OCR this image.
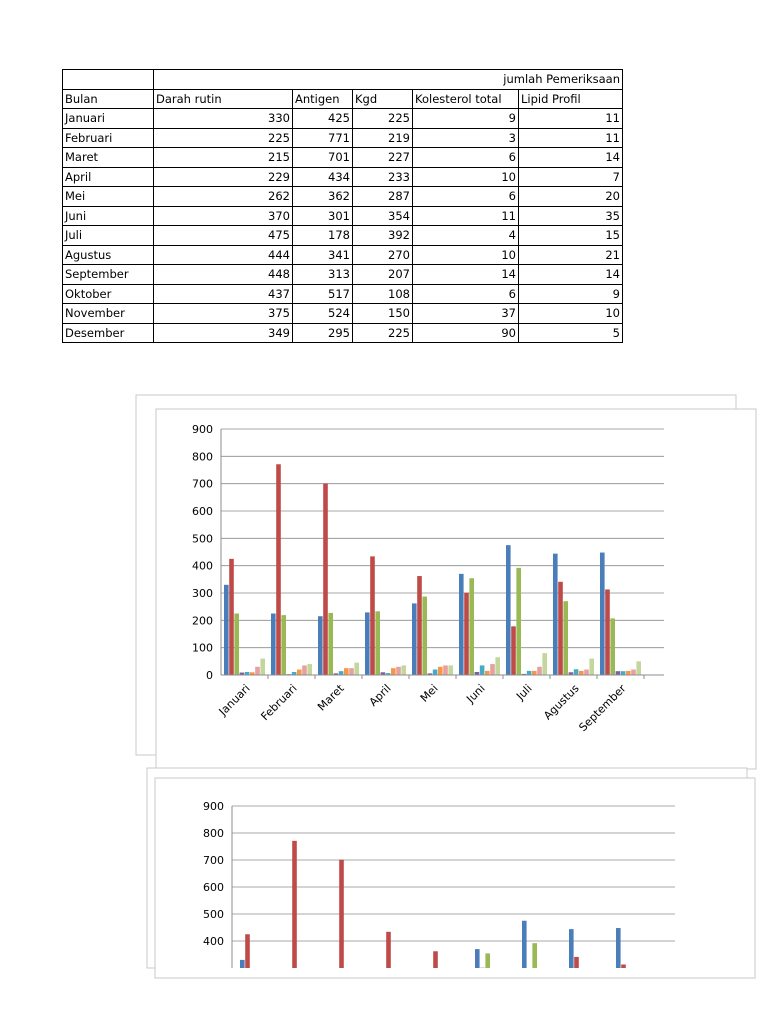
	jumlah Pemeriksaan				
Bulan	Darah rutin	Antigen	Kgd	Kolesterol total	Lipid Profil
Januari	330	425	225	9	11
Februari	225	771	219	3	11
Maret	215	701	227	6	14
April	229	434	233	10	7
Mei	262	362	287	6	20
Juni	370	301	354	11	35
Juli	475	178	392	4	15
Agustus	444	341	270	10	21
September	448	313	207	14	14
Oktober	437	517	108	6	9
November	375	524	150	37	10
Desember	349	295	225	90	5
0
100
200
300
400
500
600
700
800
900
Januari Februari Maret April Mei Juni Juli Agustus
September
400
500
600
700
800
900
